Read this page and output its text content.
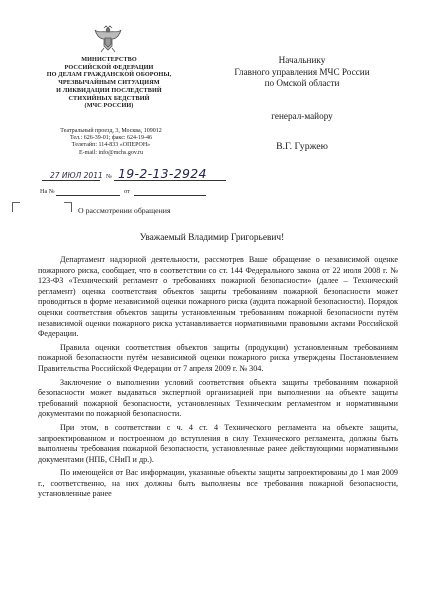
МИНИСТЕРСТВО
РОССИЙСКОЙ ФЕДЕРАЦИИ
ПО ДЕЛАМ ГРАЖДАНСКОЙ ОБОРОНЫ,
ЧРЕЗВЫЧАЙНЫМ СИТУАЦИЯМ
И ЛИКВИДАЦИИ ПОСЛЕДСТВИЙ
СТИХИЙНЫХ БЕДСТВИЙ
(МЧС РОССИИ)
Театральный проезд, 3, Москва, 109012
Тел.: 626-39-01; факс: 624-19-46
Телетайп: 114-833 «ОПЕРОН»
E-mail: info@mchs.gov.ru
27 ИЮЛ 2011 № 19-2-13-2924
На №	от
Начальнику
Главного управления МЧС России
по Омской области
генерал-майору
В.Г. Гуржею
О рассмотрении обращения
Уважаемый Владимир Григорьевич!

Департамент надзорной деятельности, рассмотрев Ваше обращение о независимой оценке пожарного риска, сообщает, что в соответствии со ст. 144 Федерального закона от 22 июля 2008 г. № 123-ФЗ «Технический регламент о требованиях пожарной безопасности» (далее – Технический регламент) оценка соответствия объектов защиты требованиям пожарной безопасности может проводиться в форме независимой оценки пожарного риска (аудита пожарной безопасности). Порядок оценки соответствия объектов защиты установленным требованиям пожарной безопасности путём независимой оценки пожарного риска устанавливается нормативными правовыми актами Российской Федерации.

Правила оценки соответствия объектов защиты (продукции) установленным требованиям пожарной безопасности путём независимой оценки пожарного риска утверждены Постановлением Правительства Российской Федерации от 7 апреля 2009 г. № 304.

Заключение о выполнении условий соответствия объекта защиты требованиям пожарной безопасности может выдаваться экспертной организацией при выполнении на объекте защиты требований пожарной безопасности, установленных Техническим регламентом и нормативными документами по пожарной безопасности.

При этом, в соответствии с ч. 4 ст. 4 Технического регламента на объекте защиты, запроектированном и построенном до вступления в силу Технического регламента, должны быть выполнены требования пожарной безопасности, установленные ранее действующими нормативными документами (НПБ, СНиП и др.).

По имеющейся от Вас информации, указанные объекты защиты запроектированы до 1 мая 2009 г., соответственно, на них должны быть выполнены все требования пожарной безопасности, установленные ранее
